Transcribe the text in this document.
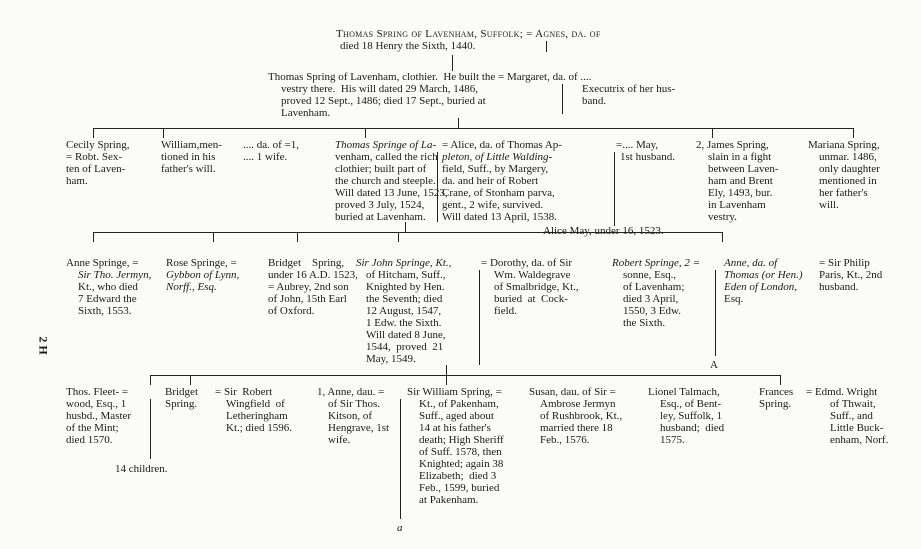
Thomas Spring of Lavenham, Suffolk; = Agnes, da. of
died 18 Henry the Sixth, 1440.
Thomas Spring of Lavenham, clothier.  He built the = Margaret, da. of ....
vestry there.  His will dated 29 March, 1486,
proved 12 Sept., 1486; died 17 Sept., buried at
Lavenham.
Executrix of her hus-
band.
Cecily Spring,
= Robt. Sex-
ten of Laven-
ham.
William,men-
tioned in his
father's will.
.... da. of =1,
.... 1 wife.
Thomas Springe of La-
venham, called the rich
clothier; built part of
the church and steeple.
Will dated 13 June, 1523,
proved 3 July, 1524,
buried at Lavenham.
= Alice, da. of Thomas Ap-
pleton, of Little Walding-
field, Suff., by Margery,
da. and heir of Robert
Crane, of Stonham parva,
gent., 2 wife, survived.
Will dated 13 April, 1538.
=.... May,
1st husband.
2, James Spring,
slain in a fight
between Laven-
ham and Brent
Ely, 1493, bur.
in Lavenham
vestry.
Mariana Spring,
unmar. 1486,
only daughter
mentioned in
her father's
will.
Alice May, under 16, 1523.
Anne Springe, =
Sir Tho. Jermyn,
Kt., who died
7 Edward the
Sixth, 1553.
Rose Springe, =
Gybbon of Lynn,
Norff., Esq.
Bridget    Spring,
under 16 A.D. 1523,
= Aubrey, 2nd son
of John, 15th Earl
of Oxford.
Sir John Springe, Kt.,
of Hitcham, Suff.,
Knighted by Hen.
the Seventh; died
12 August, 1547,
1 Edw. the Sixth.
Will dated 8 June,
1544,  proved  21
May, 1549.
= Dorothy, da. of Sir
Wm. Waldegrave
of Smalbridge, Kt.,
buried  at  Cock-
field.
Robert Springe, 2 =
sonne, Esq.,
of Lavenham;
died 3 April,
1550, 3 Edw.
the Sixth.
A
Anne, da. of
Thomas (or Hen.)
Eden of London,
Esq.
= Sir Philip
Paris, Kt., 2nd
husband.
Thos. Fleet- =
wood, Esq., 1
husbd., Master
of the Mint;
died 1570.
14 children.
Bridget
Spring.
= Sir  Robert
Wingfield  of
Letheringham
Kt.; died 1596.
1, Anne, dau. =
of Sir Thos.
Kitson, of
Hengrave, 1st
wife.
a
Sir William Spring, =
Kt., of Pakenham,
Suff., aged about
14 at his father's
death; High Sheriff
of Suff. 1578, then
Knighted; again 38
Elizabeth;  died 3
Feb., 1599, buried
at Pakenham.
Susan, dau. of Sir =
Ambrose Jermyn
of Rushbrook, Kt.,
married there 18
Feb., 1576.
Lionel Talmach,
Esq., of Bent-
ley, Suffolk, 1
husband;  died
1575.
Frances
Spring.
= Edmd. Wright
of Thwait,
Suff., and
Little Buck-
enham, Norf.
2 H
